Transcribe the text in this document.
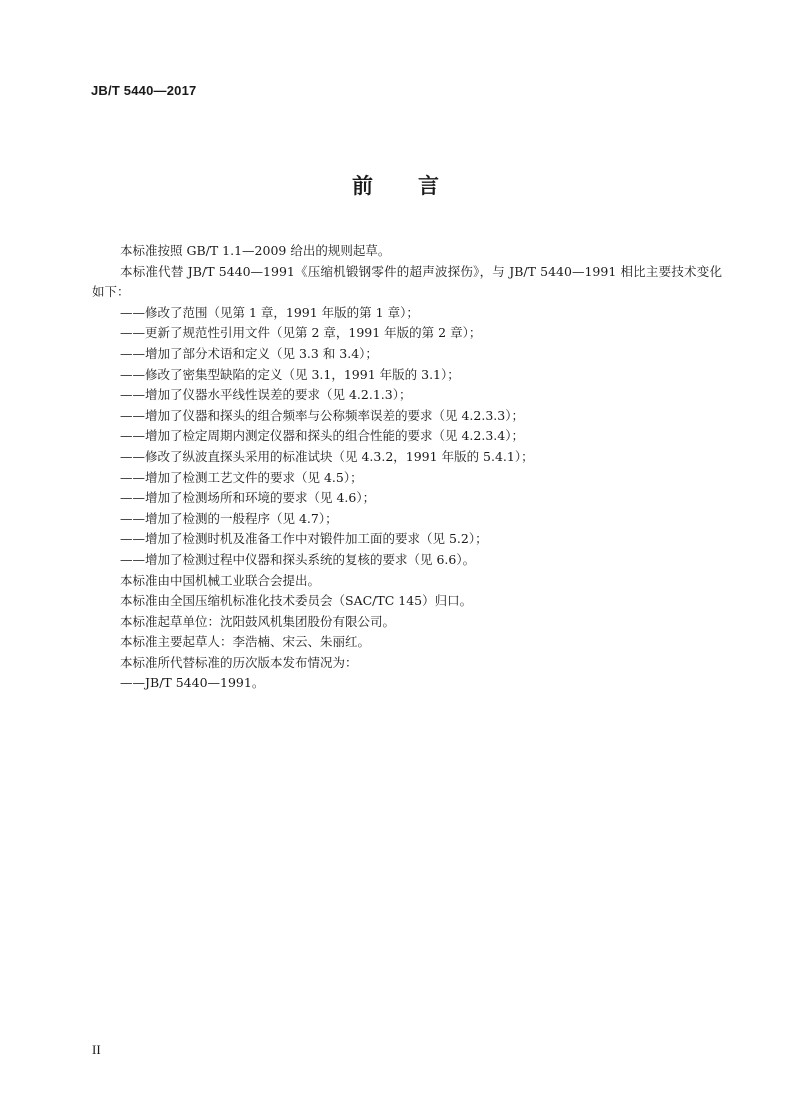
JB/T 5440—2017
前 言

本标准按照 GB/T 1.1—2009 给出的规则起草。

本标准代替 JB/T 5440—1991《压缩机锻钢零件的超声波探伤》，与 JB/T 5440—1991 相比主要技术变化如下：

——修改了范围（见第 1 章，1991 年版的第 1 章）；

——更新了规范性引用文件（见第 2 章，1991 年版的第 2 章）；

——增加了部分术语和定义（见 3.3 和 3.4）；

——修改了密集型缺陷的定义（见 3.1，1991 年版的 3.1）；

——增加了仪器水平线性误差的要求（见 4.2.1.3）；

——增加了仪器和探头的组合频率与公称频率误差的要求（见 4.2.3.3）；

——增加了检定周期内测定仪器和探头的组合性能的要求（见 4.2.3.4）；

——修改了纵波直探头采用的标准试块（见 4.3.2，1991 年版的 5.4.1）；

——增加了检测工艺文件的要求（见 4.5）；

——增加了检测场所和环境的要求（见 4.6）；

——增加了检测的一般程序（见 4.7）；

——增加了检测时机及准备工作中对锻件加工面的要求（见 5.2）；

——增加了检测过程中仪器和探头系统的复核的要求（见 6.6）。

本标准由中国机械工业联合会提出。

本标准由全国压缩机标准化技术委员会（SAC/TC 145）归口。

本标准起草单位：沈阳鼓风机集团股份有限公司。

本标准主要起草人：李浩楠、宋云、朱丽红。

本标准所代替标准的历次版本发布情况为：

——JB/T 5440—1991。

II
